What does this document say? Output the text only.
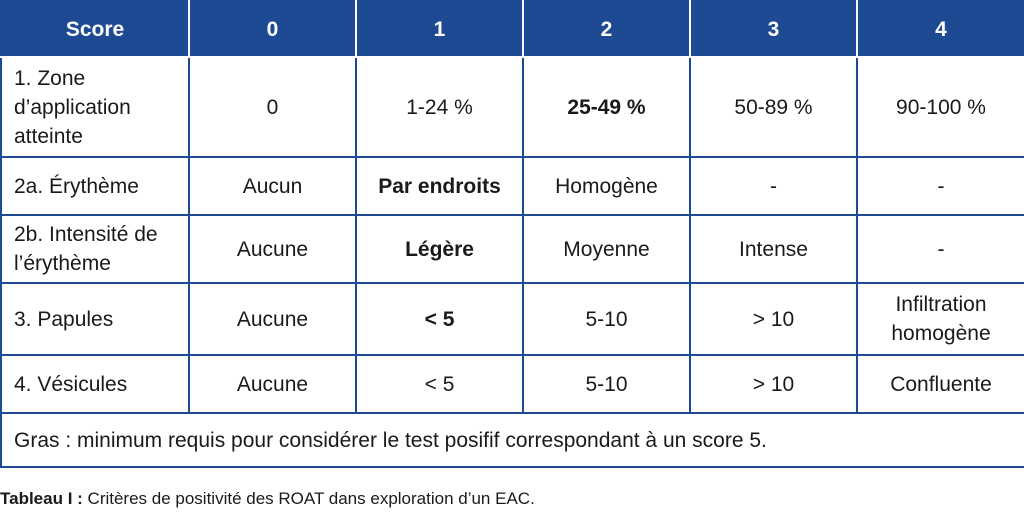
Score	0	1	2	3	4
1. Zone d’application atteinte	0	1-24 %	25-49 %	50-89 %	90-100 %
2a. Érythème	Aucun	Par endroits	Homogène	-	-
2b. Intensité de l’érythème	Aucune	Légère	Moyenne	Intense	-
3. Papules	Aucune	< 5	5-10	> 10	Infiltration homogène
4. Vésicules	Aucune	< 5	5-10	> 10	Confluente
Gras : minimum requis pour considérer le test posifif correspondant à un score 5.					
Tableau I : Critères de positivité des ROAT dans exploration d’un EAC.
